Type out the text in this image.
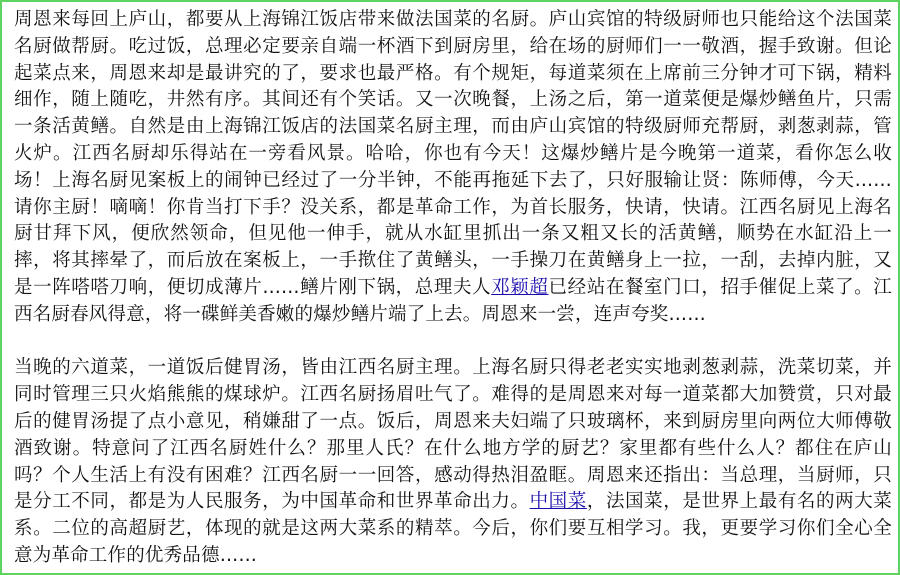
周恩来每回上庐山，都要从上海锦江饭店带来做法国菜的名厨。庐山宾馆的特级厨师也只能给这个法国菜名厨做帮厨。吃过饭，总理必定要亲自端一杯酒下到厨房里，给在场的厨师们一一敬酒，握手致谢。但论起菜点来，周恩来却是最讲究的了，要求也最严格。有个规矩，每道菜须在上席前三分钟才可下锅，精料细作，随上随吃，井然有序。其间还有个笑话。又一次晚餐，上汤之后，第一道菜便是爆炒鳝鱼片，只需一条活黄鳝。自然是由上海锦江饭店的法国菜名厨主理，而由庐山宾馆的特级厨师充帮厨，剥葱剥蒜，管火炉。江西名厨却乐得站在一旁看风景。哈哈，你也有今天！这爆炒鳝片是今晚第一道菜，看你怎么收场！上海名厨见案板上的闹钟已经过了一分半钟，不能再拖延下去了，只好服输让贤：陈师傅，今天……请你主厨！嘀嘀！你肯当打下手？没关系，都是革命工作，为首长服务，快请，快请。江西名厨见上海名厨甘拜下风，便欣然领命，但见他一伸手，就从水缸里抓出一条又粗又长的活黄鳝，顺势在水缸沿上一摔，将其摔晕了，而后放在案板上，一手揿住了黄鳝头，一手操刀在黄鳝身上一拉，一刮，去掉内脏，又是一阵嗒嗒刀响，便切成薄片……鳝片刚下锅，总理夫人邓颖超已经站在餐室门口，招手催促上菜了。江西名厨春风得意，将一碟鲜美香嫩的爆炒鳝片端了上去。周恩来一尝，连声夸奖……

当晚的六道菜，一道饭后健胃汤，皆由江西名厨主理。上海名厨只得老老实实地剥葱剥蒜，洗菜切菜，并同时管理三只火焰熊熊的煤球炉。江西名厨扬眉吐气了。难得的是周恩来对每一道菜都大加赞赏，只对最后的健胃汤提了点小意见，稍嫌甜了一点。饭后，周恩来夫妇端了只玻璃杯，来到厨房里向两位大师傅敬酒致谢。特意问了江西名厨姓什么？那里人氏？在什么地方学的厨艺？家里都有些什么人？都住在庐山吗？个人生活上有没有困难？江西名厨一一回答，感动得热泪盈眶。周恩来还指出：当总理，当厨师，只是分工不同，都是为人民服务，为中国革命和世界革命出力。中国菜，法国菜，是世界上最有名的两大菜系。二位的高超厨艺，体现的就是这两大菜系的精萃。今后，你们要互相学习。我，更要学习你们全心全意为革命工作的优秀品德……
